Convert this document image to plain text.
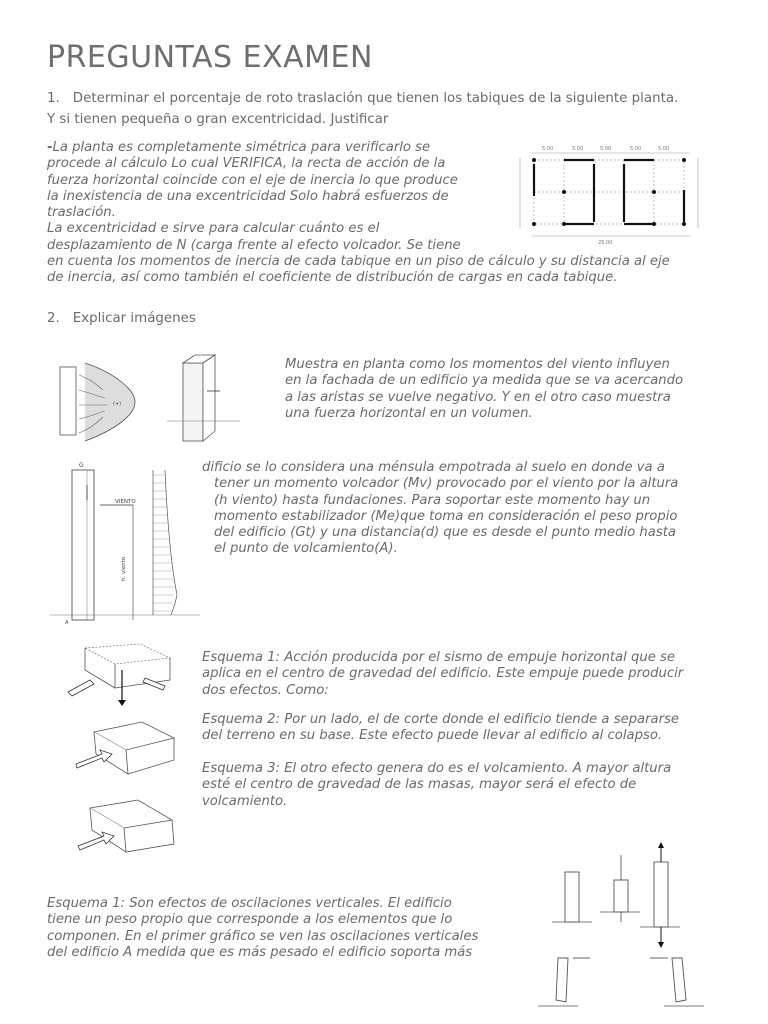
PREGUNTAS EXAMEN
1. Determinar el porcentaje de roto traslación que tienen los tabiques de la siguiente planta.
Y si tienen pequeña o gran excentricidad. Justificar
-La planta es completamente simétrica para verificarlo se
procede al cálculo Lo cual VERIFICA, la recta de acción de la
fuerza horizontal coincide con el eje de inercia lo que produce
la inexistencia de una excentricidad Solo habrá esfuerzos de
traslación.
La excentricidad e sirve para calcular cuánto es el
desplazamiento de N (carga frente al efecto volcador. Se tiene
en cuenta los momentos de inercia de cada tabique en un piso de cálculo y su distancia al eje
de inercia, así como también el coeficiente de distribución de cargas en cada tabique.
5.00	5.00	5.00	5.00	5.00
25.00
2. Explicar imágenes
(+)
Muestra en planta como los momentos del viento influyen
en la fachada de un edificio ya medida que se va acercando
a las aristas se vuelve negativo. Y en el otro caso muestra
una fuerza horizontal en un volumen.
G
VIENTO
h. viento
A
dificio se lo considera una ménsula empotrada al suelo en donde va a
tener un momento volcador (Mv) provocado por el viento por la altura
(h viento) hasta fundaciones. Para soportar este momento hay un
momento estabilizador (Me)que toma en consideración el peso propio
del edificio (Gt) y una distancia(d) que es desde el punto medio hasta
el punto de volcamiento(A).
Esquema 1: Acción producida por el sismo de empuje horizontal que se
aplica en el centro de gravedad del edificio. Este empuje puede producir
dos efectos. Como:
Esquema 2: Por un lado, el de corte donde el edificio tiende a separarse
del terreno en su base. Este efecto puede llevar al edificio al colapso.
Esquema 3: El otro efecto genera do es el volcamiento. A mayor altura
esté el centro de gravedad de las masas, mayor será el efecto de
volcamiento.
Esquema 1: Son efectos de oscilaciones verticales. El edificio
tiene un peso propio que corresponde a los elementos que lo
componen. En el primer gráfico se ven las oscilaciones verticales
del edificio A medida que es más pesado el edificio soporta más
